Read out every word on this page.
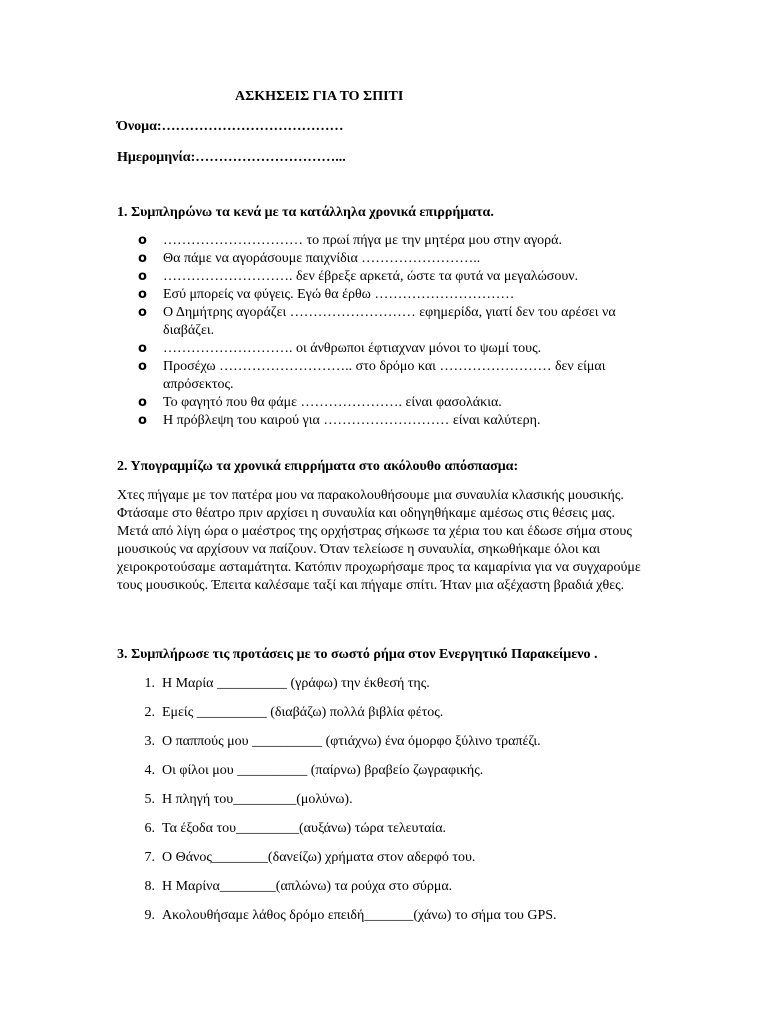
ΑΣΚΗΣΕΙΣ ΓΙΑ ΤΟ ΣΠΙΤΙ
Όνομα:…………………………………
Ημερομηνία:…………………………...
1. Συμπληρώνω τα κενά με τα κατάλληλα χρονικά επιρρήματα.
o ………………………… το πρωί πήγα με την μητέρα μου στην αγορά.
o Θα πάμε να αγοράσουμε παιχνίδια ……………………..
o ………………………. δεν έβρεξε αρκετά, ώστε τα φυτά να μεγαλώσουν.
o Εσύ μπορείς να φύγεις. Εγώ θα έρθω …………………………
o Ο Δημήτρης αγοράζει ……………………… εφημερίδα, γιατί δεν του αρέσει να διαβάζει.
o ………………………. οι άνθρωποι έφτιαχναν μόνοι το ψωμί τους.
o Προσέχω ……………………….. στο δρόμο και …………………… δεν είμαι απρόσεκτος.
o Το φαγητό που θα φάμε …………………. είναι φασολάκια.
o Η πρόβλεψη του καιρού για ……………………… είναι καλύτερη.
2. Υπογραμμίζω τα χρονικά επιρρήματα στο ακόλουθο απόσπασμα:

Χτες πήγαμε με τον πατέρα μου να παρακολουθήσουμε μια συναυλία κλασικής μουσικής. Φτάσαμε στο θέατρο πριν αρχίσει η συναυλία και οδηγηθήκαμε αμέσως στις θέσεις μας. Μετά από λίγη ώρα ο μαέστρος της ορχήστρας σήκωσε τα χέρια του και έδωσε σήμα στους μουσικούς να αρχίσουν να παίζουν. Όταν τελείωσε η συναυλία, σηκωθήκαμε όλοι και χειροκροτούσαμε ασταμάτητα. Κατόπιν προχωρήσαμε προς τα καμαρίνια για να συγχαρούμε τους μουσικούς. Έπειτα καλέσαμε ταξί και πήγαμε σπίτι. Ήταν μια αξέχαστη βραδιά χθες.

3. Συμπλήρωσε τις προτάσεις με το σωστό ρήμα στον Ενεργητικό Παρακείμενο .
1. Η Μαρία __________ (γράφω) την έκθεσή της.
2. Εμείς __________ (διαβάζω) πολλά βιβλία φέτος.
3. Ο παππούς μου __________ (φτιάχνω) ένα όμορφο ξύλινο τραπέζι.
4. Οι φίλοι μου __________ (παίρνω) βραβείο ζωγραφικής.
5. Η πληγή του_________(μολύνω).
6. Τα έξοδα του_________(αυξάνω) τώρα τελευταία.
7. Ο Θάνος________(δανείζω) χρήματα στον αδερφό του.
8. Η Μαρίνα________(απλώνω) τα ρούχα στο σύρμα.
9. Ακολουθήσαμε λάθος δρόμο επειδή_______(χάνω) το σήμα του GPS.
